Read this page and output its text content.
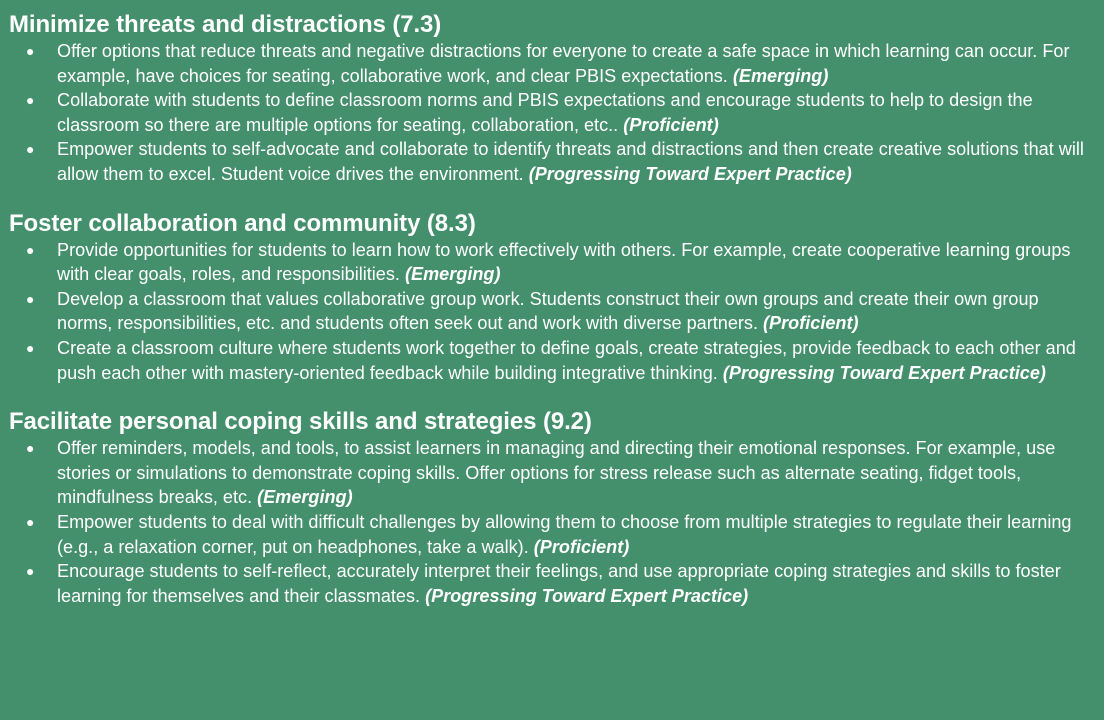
Minimize threats and distractions (7.3)
● Offer options that reduce threats and negative distractions for everyone to create a safe space in which learning can occur. For example, have choices for seating, collaborative work, and clear PBIS expectations. (Emerging)
● Collaborate with students to define classroom norms and PBIS expectations and encourage students to help to design the classroom so there are multiple options for seating, collaboration, etc.. (Proficient)
● Empower students to self-advocate and collaborate to identify threats and distractions and then create creative solutions that will allow them to excel. Student voice drives the environment. (Progressing Toward Expert Practice)
Foster collaboration and community (8.3)
● Provide opportunities for students to learn how to work effectively with others. For example, create cooperative learning groups with clear goals, roles, and responsibilities. (Emerging)
● Develop a classroom that values collaborative group work. Students construct their own groups and create their own group norms, responsibilities, etc. and students often seek out and work with diverse partners. (Proficient)
● Create a classroom culture where students work together to define goals, create strategies, provide feedback to each other and push each other with mastery-oriented feedback while building integrative thinking. (Progressing Toward Expert Practice)
Facilitate personal coping skills and strategies (9.2)
● Offer reminders, models, and tools, to assist learners in managing and directing their emotional responses. For example, use stories or simulations to demonstrate coping skills. Offer options for stress release such as alternate seating, fidget tools, mindfulness breaks, etc. (Emerging)
● Empower students to deal with difficult challenges by allowing them to choose from multiple strategies to regulate their learning (e.g., a relaxation corner, put on headphones, take a walk). (Proficient)
● Encourage students to self-reflect, accurately interpret their feelings, and use appropriate coping strategies and skills to foster learning for themselves and their classmates. (Progressing Toward Expert Practice)
